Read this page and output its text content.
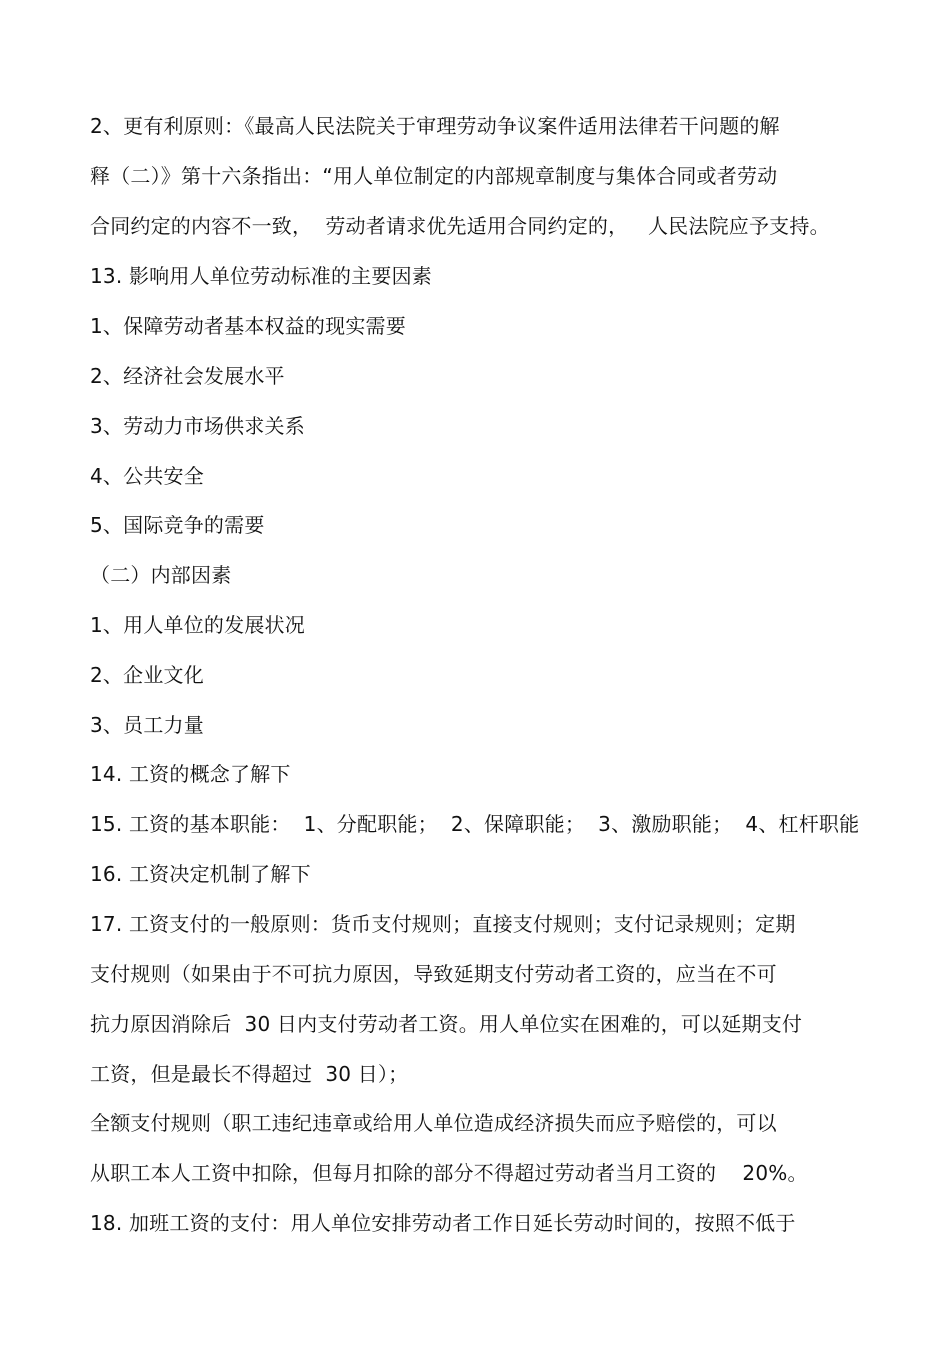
2、更有利原则：《最高人民法院关于审理劳动争议案件适用法律若干问题的解
释（二）》第十六条指出：“用人单位制定的内部规章制度与集体合同或者劳动
合同约定的内容不一致，  劳动者请求优先适用合同约定的，   人民法院应予支持。
13. 影响用人单位劳动标准的主要因素
1、保障劳动者基本权益的现实需要
2、经济社会发展水平
3、劳动力市场供求关系
4、公共安全
5、国际竞争的需要
（二）内部因素
1、用人单位的发展状况
2、企业文化
3、员工力量
14. 工资的概念了解下
15. 工资的基本职能：  1、分配职能；  2、保障职能；  3、激励职能；  4、杠杆职能
16. 工资决定机制了解下
17. 工资支付的一般原则：货币支付规则；直接支付规则；支付记录规则；定期
支付规则（如果由于不可抗力原因，导致延期支付劳动者工资的，应当在不可
抗力原因消除后  30 日内支付劳动者工资。用人单位实在困难的，可以延期支付
工资，但是最长不得超过  30 日）；
全额支付规则（职工违纪违章或给用人单位造成经济损失而应予赔偿的，可以
从职工本人工资中扣除，但每月扣除的部分不得超过劳动者当月工资的    20%。
18. 加班工资的支付：用人单位安排劳动者工作日延长劳动时间的，按照不低于
